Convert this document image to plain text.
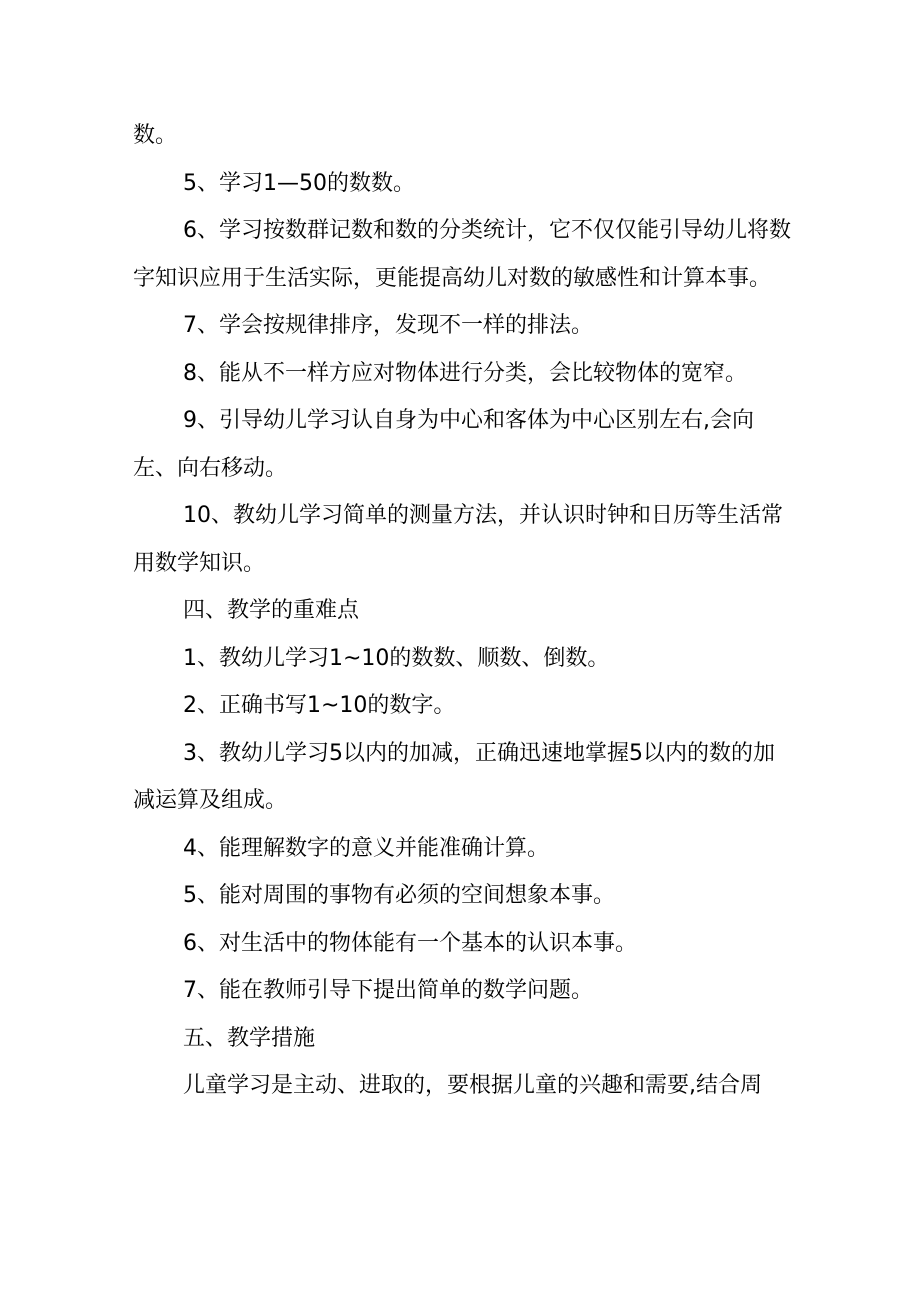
数。

5、学习1—50的数数。

6、学习按数群记数和数的分类统计，它不仅仅能引导幼儿将数字知识应用于生活实际，更能提高幼儿对数的敏感性和计算本事。

7、学会按规律排序，发现不一样的排法。

8、能从不一样方应对物体进行分类，会比较物体的宽窄。

9、引导幼儿学习认自身为中心和客体为中心区别左右,会向左、向右移动。

10、教幼儿学习简单的测量方法，并认识时钟和日历等生活常用数学知识。

四、教学的重难点

1、教幼儿学习1~10的数数、顺数、倒数。

2、正确书写1~10的数字。

3、教幼儿学习5以内的加减，正确迅速地掌握5以内的数的加减运算及组成。

4、能理解数字的意义并能准确计算。

5、能对周围的事物有必须的空间想象本事。

6、对生活中的物体能有一个基本的认识本事。

7、能在教师引导下提出简单的数学问题。

五、教学措施

儿童学习是主动、进取的，要根据儿童的兴趣和需要,结合周
